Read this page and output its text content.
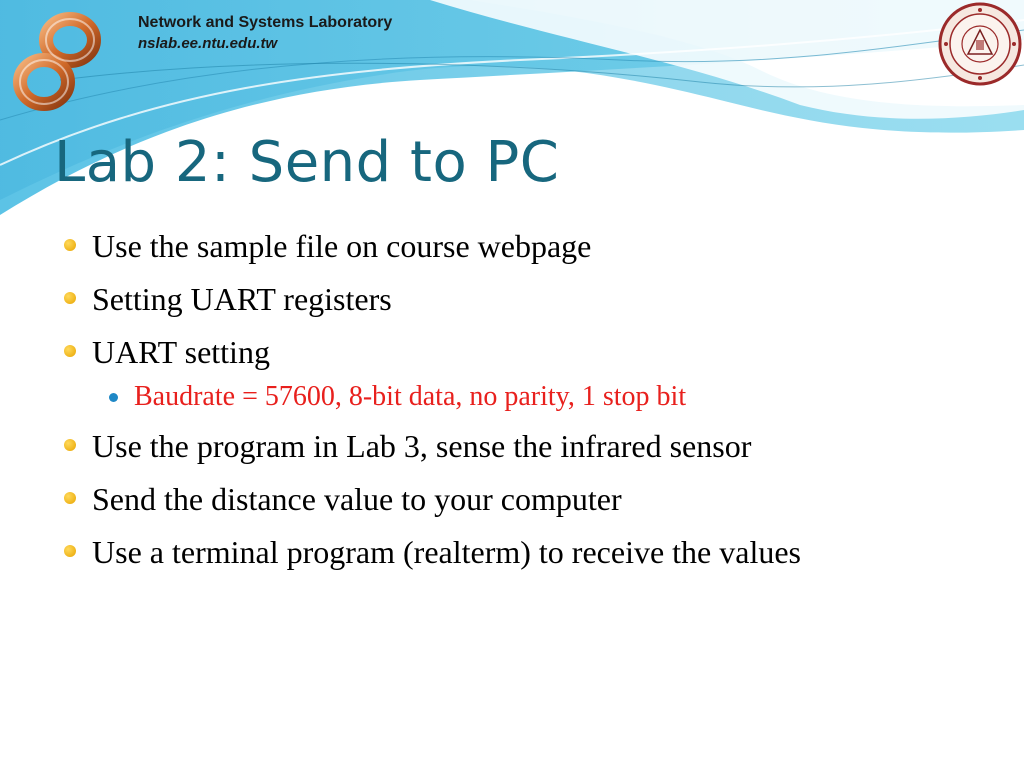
Network and Systems Laboratory
nslab.ee.ntu.edu.tw
Lab 2: Send to PC
Use the sample file on course webpage
Setting UART registers
UART setting
Baudrate = 57600, 8-bit data, no parity, 1 stop bit
Use the program in Lab 3, sense the infrared sensor
Send the distance value to your computer
Use a terminal program (realterm) to receive the values
